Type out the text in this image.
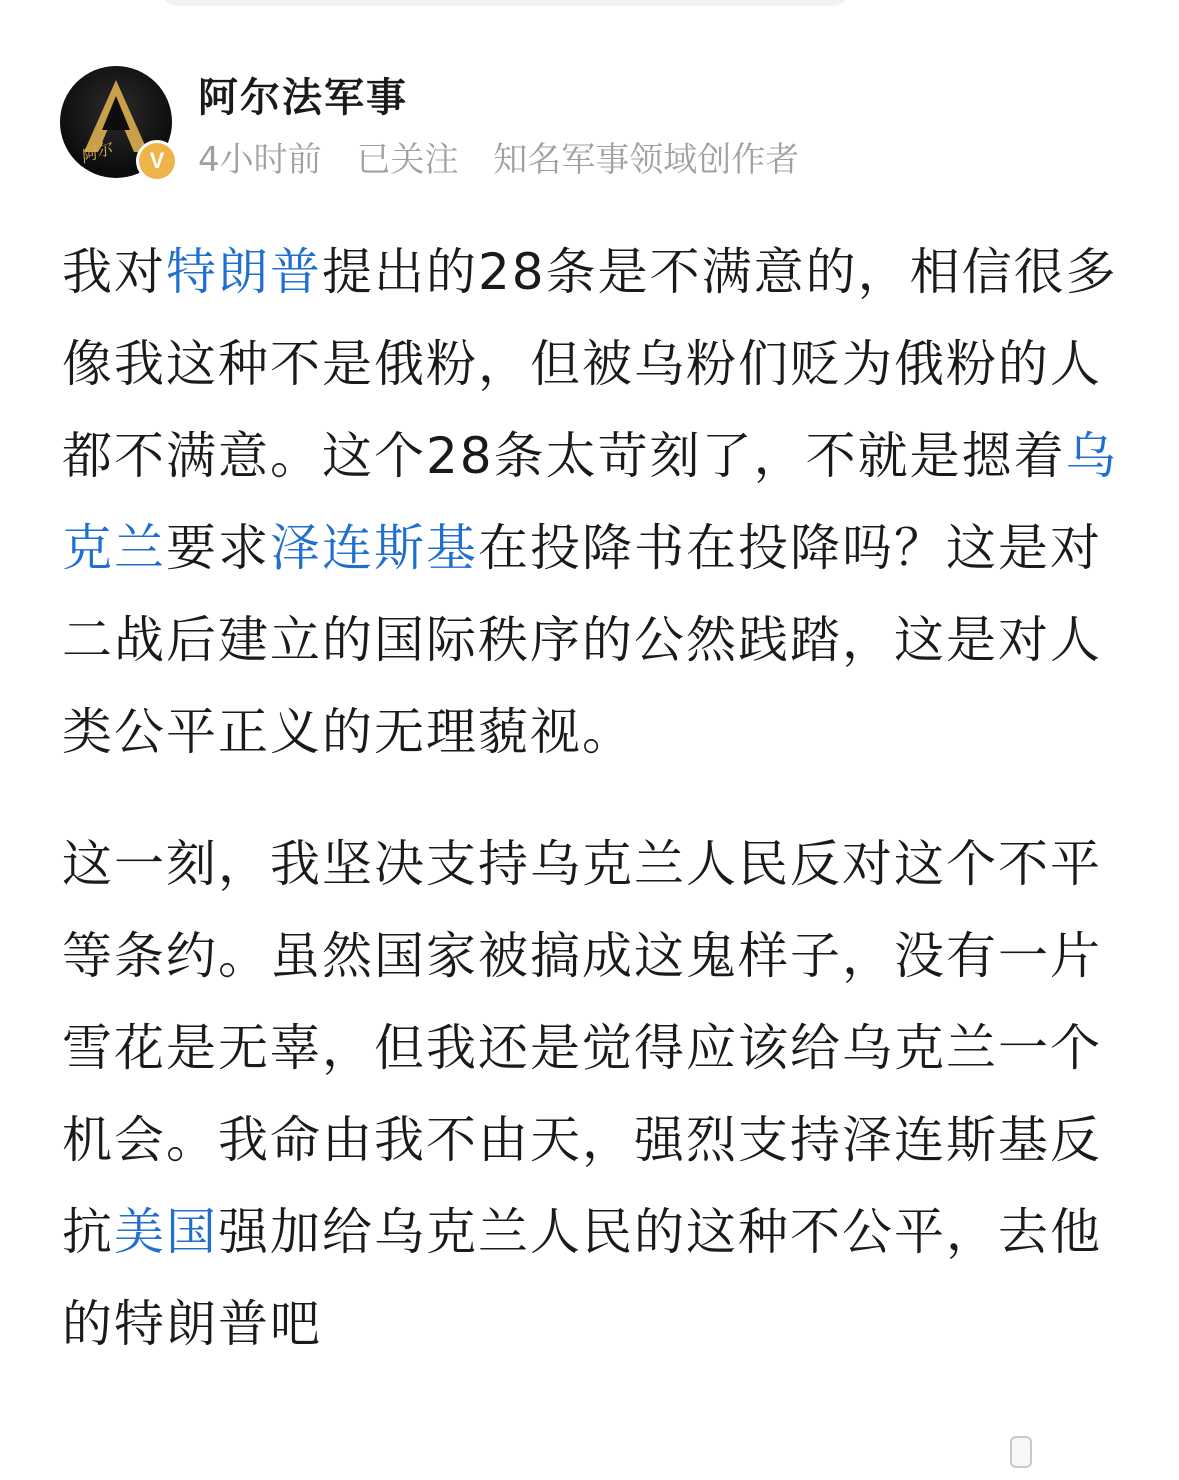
阿尔	V
阿尔法军事
4小时前 已关注 知名军事领域创作者

我对特朗普提出的28条是不满意的，相信很多像我这种不是俄粉，但被乌粉们贬为俄粉的人都不满意。这个28条太苛刻了，不就是摁着乌克兰要求泽连斯基在投降书在投降吗？这是对二战后建立的国际秩序的公然践踏，这是对人类公平正义的无理藐视。

这一刻，我坚决支持乌克兰人民反对这个不平等条约。虽然国家被搞成这鬼样子，没有一片雪花是无辜，但我还是觉得应该给乌克兰一个机会。我命由我不由天，强烈支持泽连斯基反抗美国强加给乌克兰人民的这种不公平，去他的特朗普吧
